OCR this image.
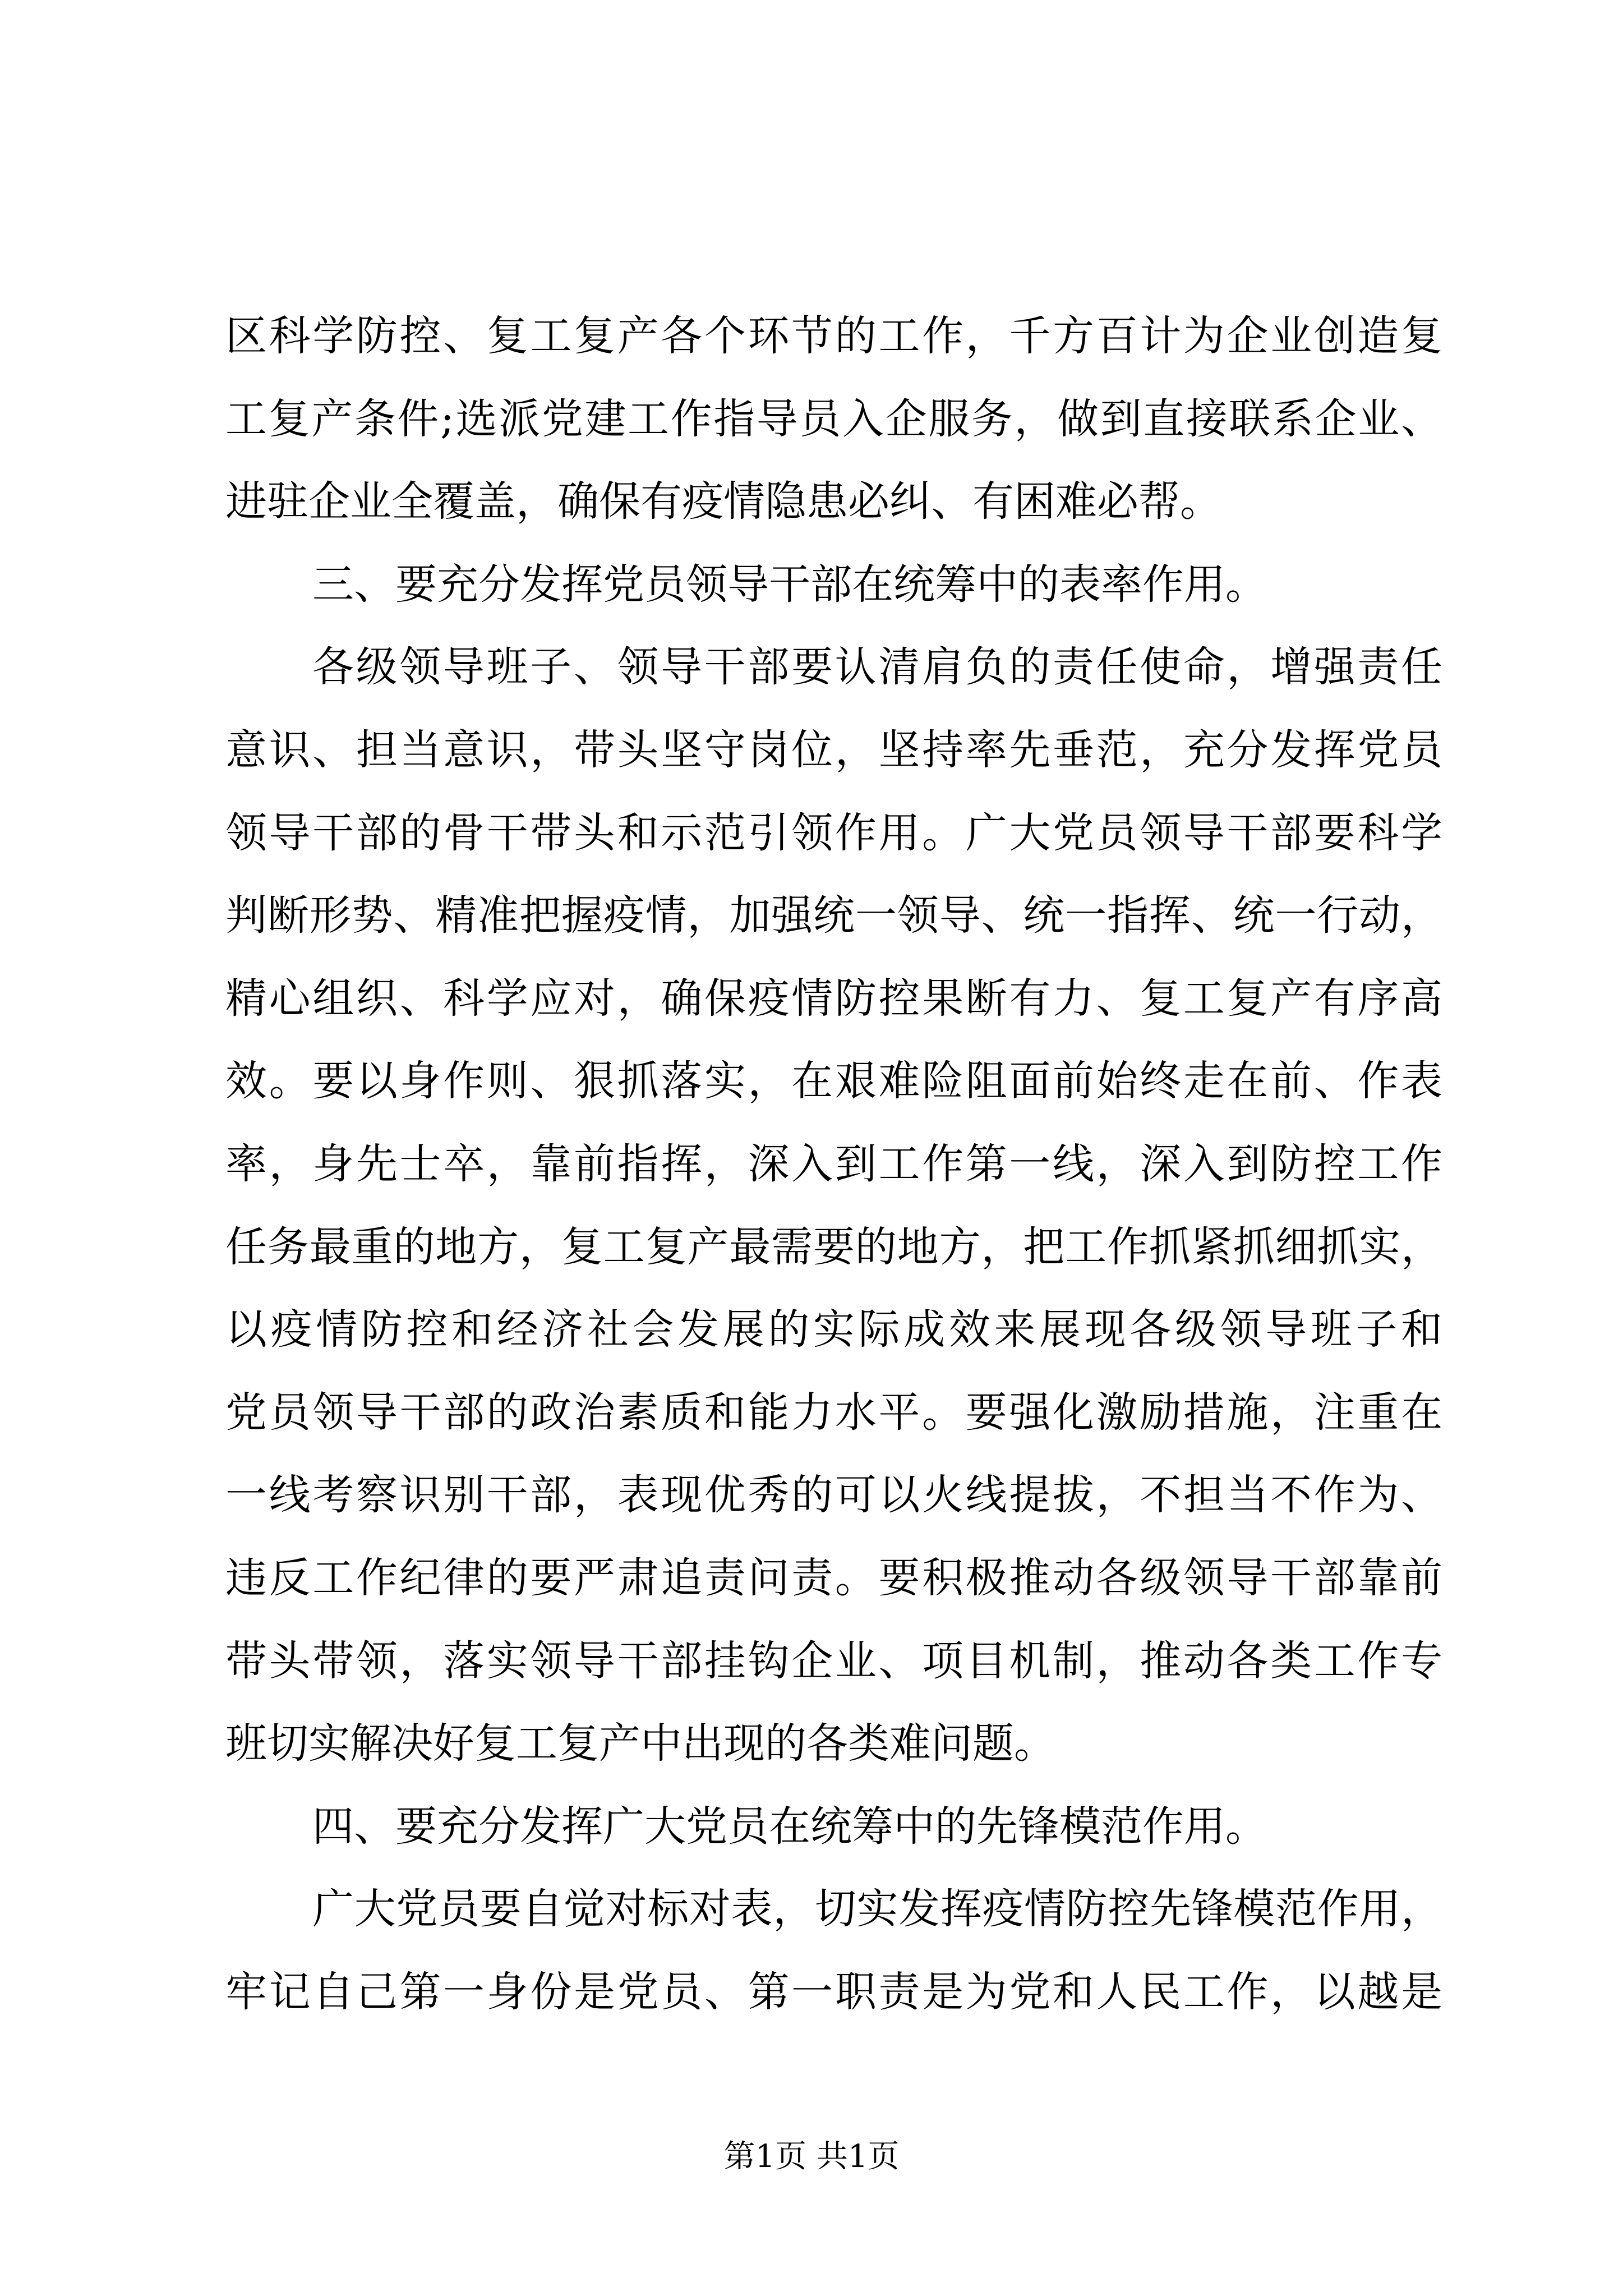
区科学防控、复工复产各个环节的工作，千方百计为企业创造复
工复产条件;选派党建工作指导员入企服务，做到直接联系企业、
进驻企业全覆盖，确保有疫情隐患必纠、有困难必帮。
三、要充分发挥党员领导干部在统筹中的表率作用。
各级领导班子、领导干部要认清肩负的责任使命，增强责任
意识、担当意识，带头坚守岗位，坚持率先垂范，充分发挥党员
领导干部的骨干带头和示范引领作用。广大党员领导干部要科学
判断形势、精准把握疫情，加强统一领导、统一指挥、统一行动，
精心组织、科学应对，确保疫情防控果断有力、复工复产有序高
效。要以身作则、狠抓落实，在艰难险阻面前始终走在前、作表
率，身先士卒，靠前指挥，深入到工作第一线，深入到防控工作
任务最重的地方，复工复产最需要的地方，把工作抓紧抓细抓实，
以疫情防控和经济社会发展的实际成效来展现各级领导班子和
党员领导干部的政治素质和能力水平。要强化激励措施，注重在
一线考察识别干部，表现优秀的可以火线提拔，不担当不作为、
违反工作纪律的要严肃追责问责。要积极推动各级领导干部靠前
带头带领，落实领导干部挂钩企业、项目机制，推动各类工作专
班切实解决好复工复产中出现的各类难问题。
四、要充分发挥广大党员在统筹中的先锋模范作用。
广大党员要自觉对标对表，切实发挥疫情防控先锋模范作用，
牢记自己第一身份是党员、第一职责是为党和人民工作，以越是
第1页 共1页
